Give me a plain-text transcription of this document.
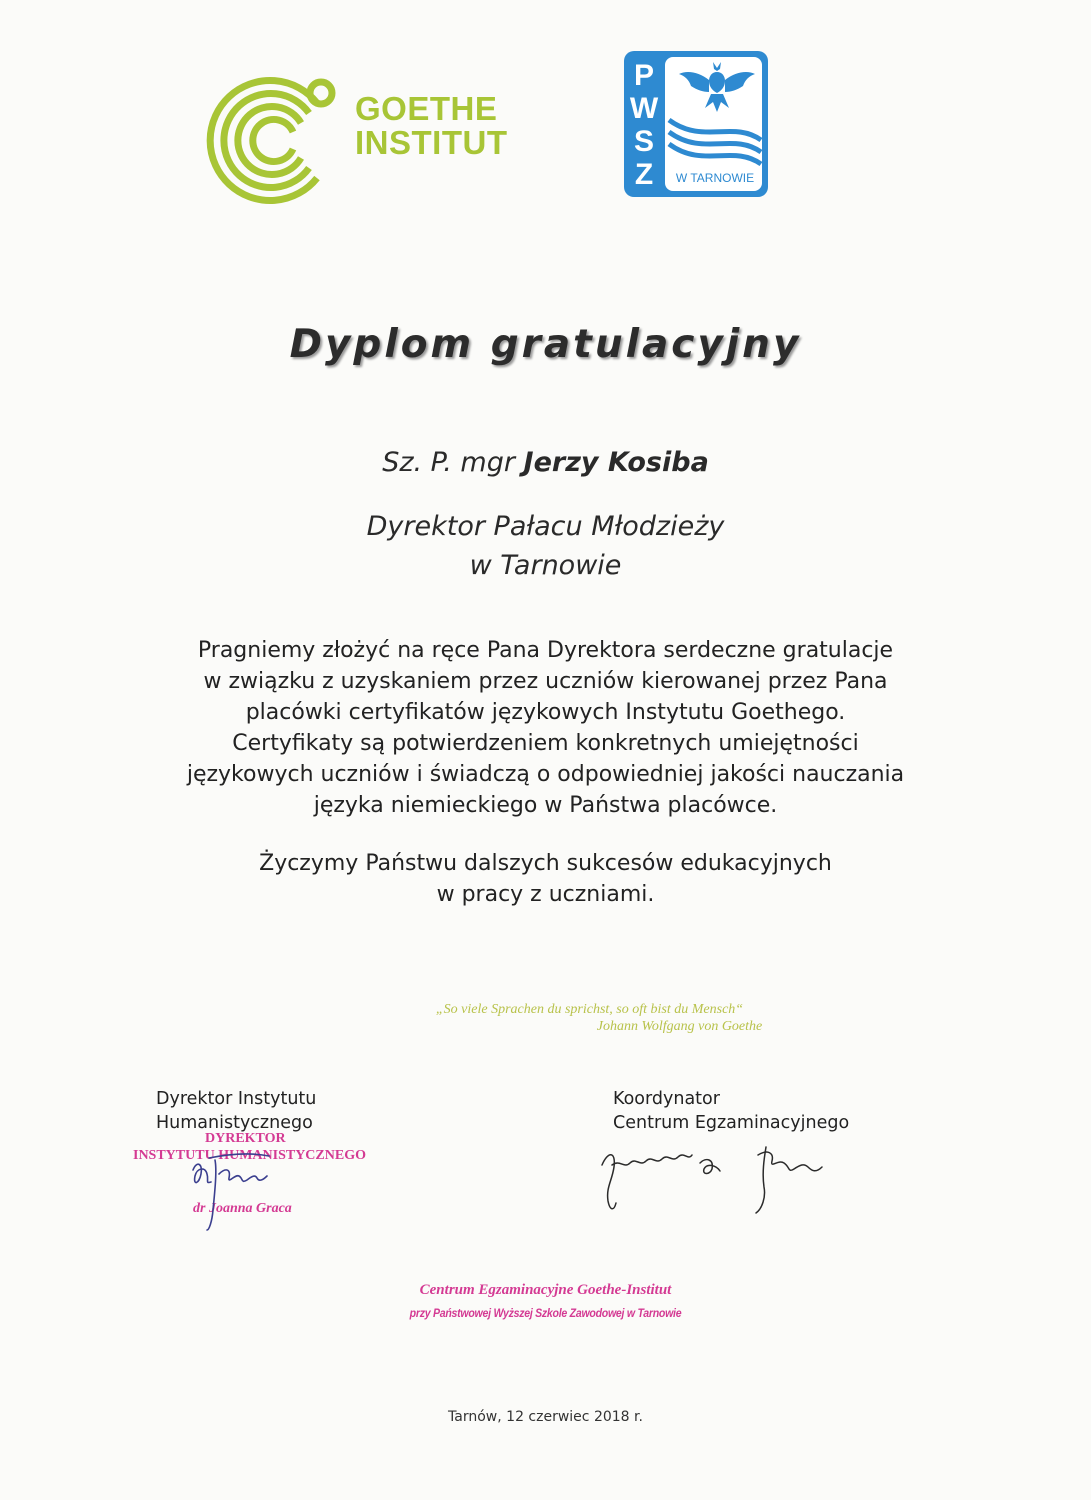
GOETHE
INSTITUT
P
W
S
Z W TARNOWIE
Dyplom gratulacyjny
Sz. P. mgr Jerzy Kosiba
Dyrektor Pałacu Młodzieży
w Tarnowie
Pragniemy złożyć na ręce Pana Dyrektora serdeczne gratulacje
w związku z uzyskaniem przez uczniów kierowanej przez Pana
placówki certyfikatów językowych Instytutu Goethego.
Certyfikaty są potwierdzeniem konkretnych umiejętności
językowych uczniów i świadczą o odpowiedniej jakości nauczania
języka niemieckiego w Państwa placówce.
Życzymy Państwu dalszych sukcesów edukacyjnych
w pracy z uczniami.
„So viele Sprachen du sprichst, so oft bist du Mensch“
Johann Wolfgang von Goethe
Dyrektor Instytutu
Humanistycznego
DYREKTOR
INSTYTUTU HUMANISTYCZNEGO
dr Joanna Graca
Koordynator
Centrum Egzaminacyjnego
Centrum Egzaminacyjne Goethe-Institut
przy Państwowej Wyższej Szkole Zawodowej w Tarnowie
Tarnów, 12 czerwiec 2018 r.
